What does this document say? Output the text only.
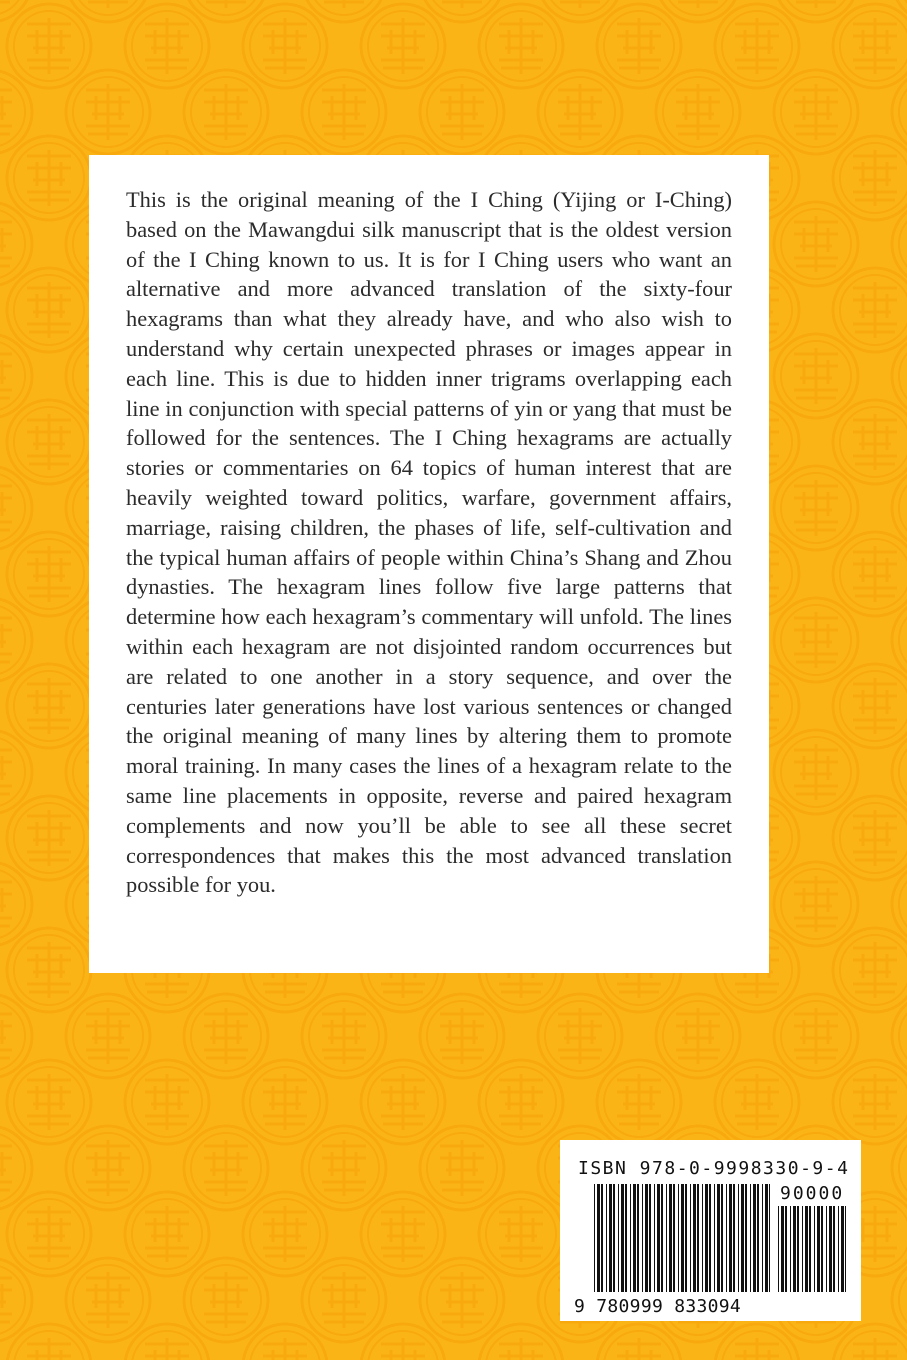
This is the original meaning of the I Ching (Yijing or I-Ching) based on the Mawangdui silk manuscript that is the oldest version of the I Ching known to us. It is for I Ching users who want an alternative and more advanced translation of the sixty-four hexagrams than what they already have, and who also wish to understand why certain unexpected phrases or images appear in each line. This is due to hidden inner trigrams overlapping each line in conjunction with special patterns of yin or yang that must be followed for the sentences. The I Ching hexagrams are actually stories or commentaries on 64 topics of human interest that are heavily weighted toward politics, warfare, government affairs, marriage, raising children, the phases of life, self-cultivation and the typical human affairs of people within China’s Shang and Zhou dynasties. The hexagram lines follow five large patterns that determine how each hexagram’s commentary will unfold. The lines within each hexagram are not disjointed random occurrences but are related to one another in a story sequence, and over the centuries later generations have lost various sentences or changed the original meaning of many lines by altering them to promote moral training. In many cases the lines of a hexagram relate to the same line placements in opposite, reverse and paired hexagram complements and now you’ll be able to see all these secret correspondences that makes this the most advanced translation possible for you.

ISBN 978-0-9998330-9-4

90000

9 780999 833094
